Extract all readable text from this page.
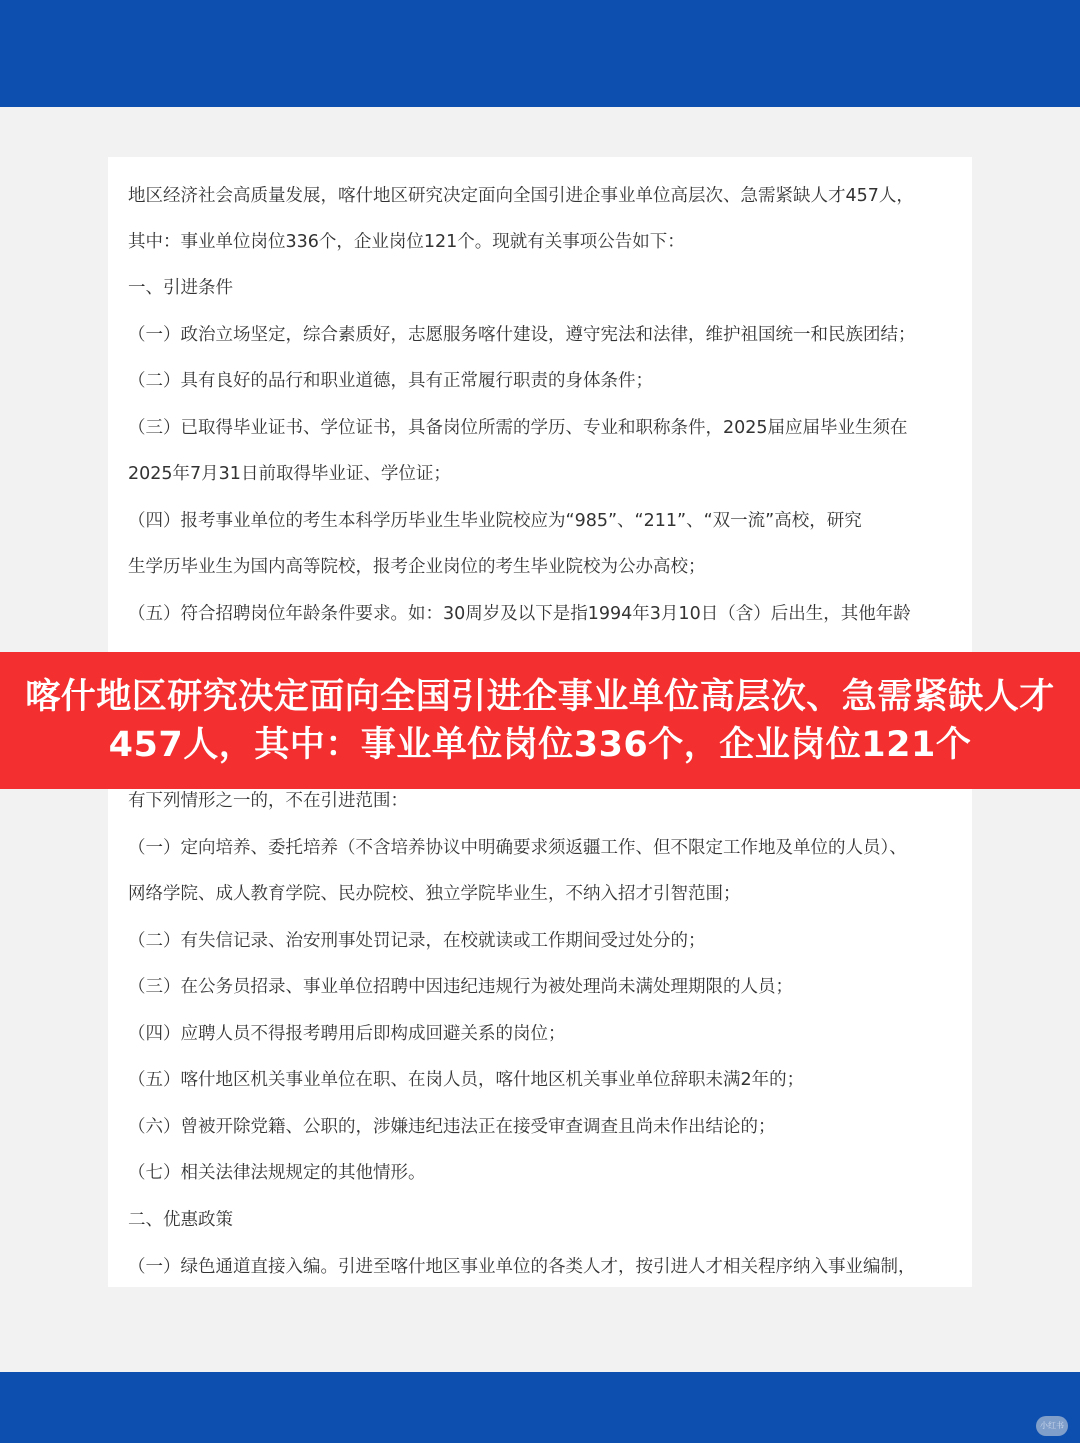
地区经济社会高质量发展，喀什地区研究决定面向全国引进企事业单位高层次、急需紧缺人才457人，
其中：事业单位岗位336个，企业岗位121个。现就有关事项公告如下：
一、引进条件
（一）政治立场坚定，综合素质好，志愿服务喀什建设，遵守宪法和法律，维护祖国统一和民族团结；
（二）具有良好的品行和职业道德，具有正常履行职责的身体条件；
（三）已取得毕业证书、学位证书，具备岗位所需的学历、专业和职称条件，2025届应届毕业生须在
2025年7月31日前取得毕业证、学位证；
（四）报考事业单位的考生本科学历毕业生毕业院校应为“985”、“211”、“双一流”高校，研究
生学历毕业生为国内高等院校，报考企业岗位的考生毕业院校为公办高校；
（五）符合招聘岗位年龄条件要求。如：30周岁及以下是指1994年3月10日（含）后出生，其他年龄
有下列情形之一的，不在引进范围：
（一）定向培养、委托培养（不含培养协议中明确要求须返疆工作、但不限定工作地及单位的人员）、
网络学院、成人教育学院、民办院校、独立学院毕业生，不纳入招才引智范围；
（二）有失信记录、治安刑事处罚记录，在校就读或工作期间受过处分的；
（三）在公务员招录、事业单位招聘中因违纪违规行为被处理尚未满处理期限的人员；
（四）应聘人员不得报考聘用后即构成回避关系的岗位；
（五）喀什地区机关事业单位在职、在岗人员，喀什地区机关事业单位辞职未满2年的；
（六）曾被开除党籍、公职的，涉嫌违纪违法正在接受审查调查且尚未作出结论的；
（七）相关法律法规规定的其他情形。
二、优惠政策
（一）绿色通道直接入编。引进至喀什地区事业单位的各类人才，按引进人才相关程序纳入事业编制，
喀什地区研究决定面向全国引进企事业单位高层次、急需紧缺人才
457人，其中：事业单位岗位336个，企业岗位121个
小红书
